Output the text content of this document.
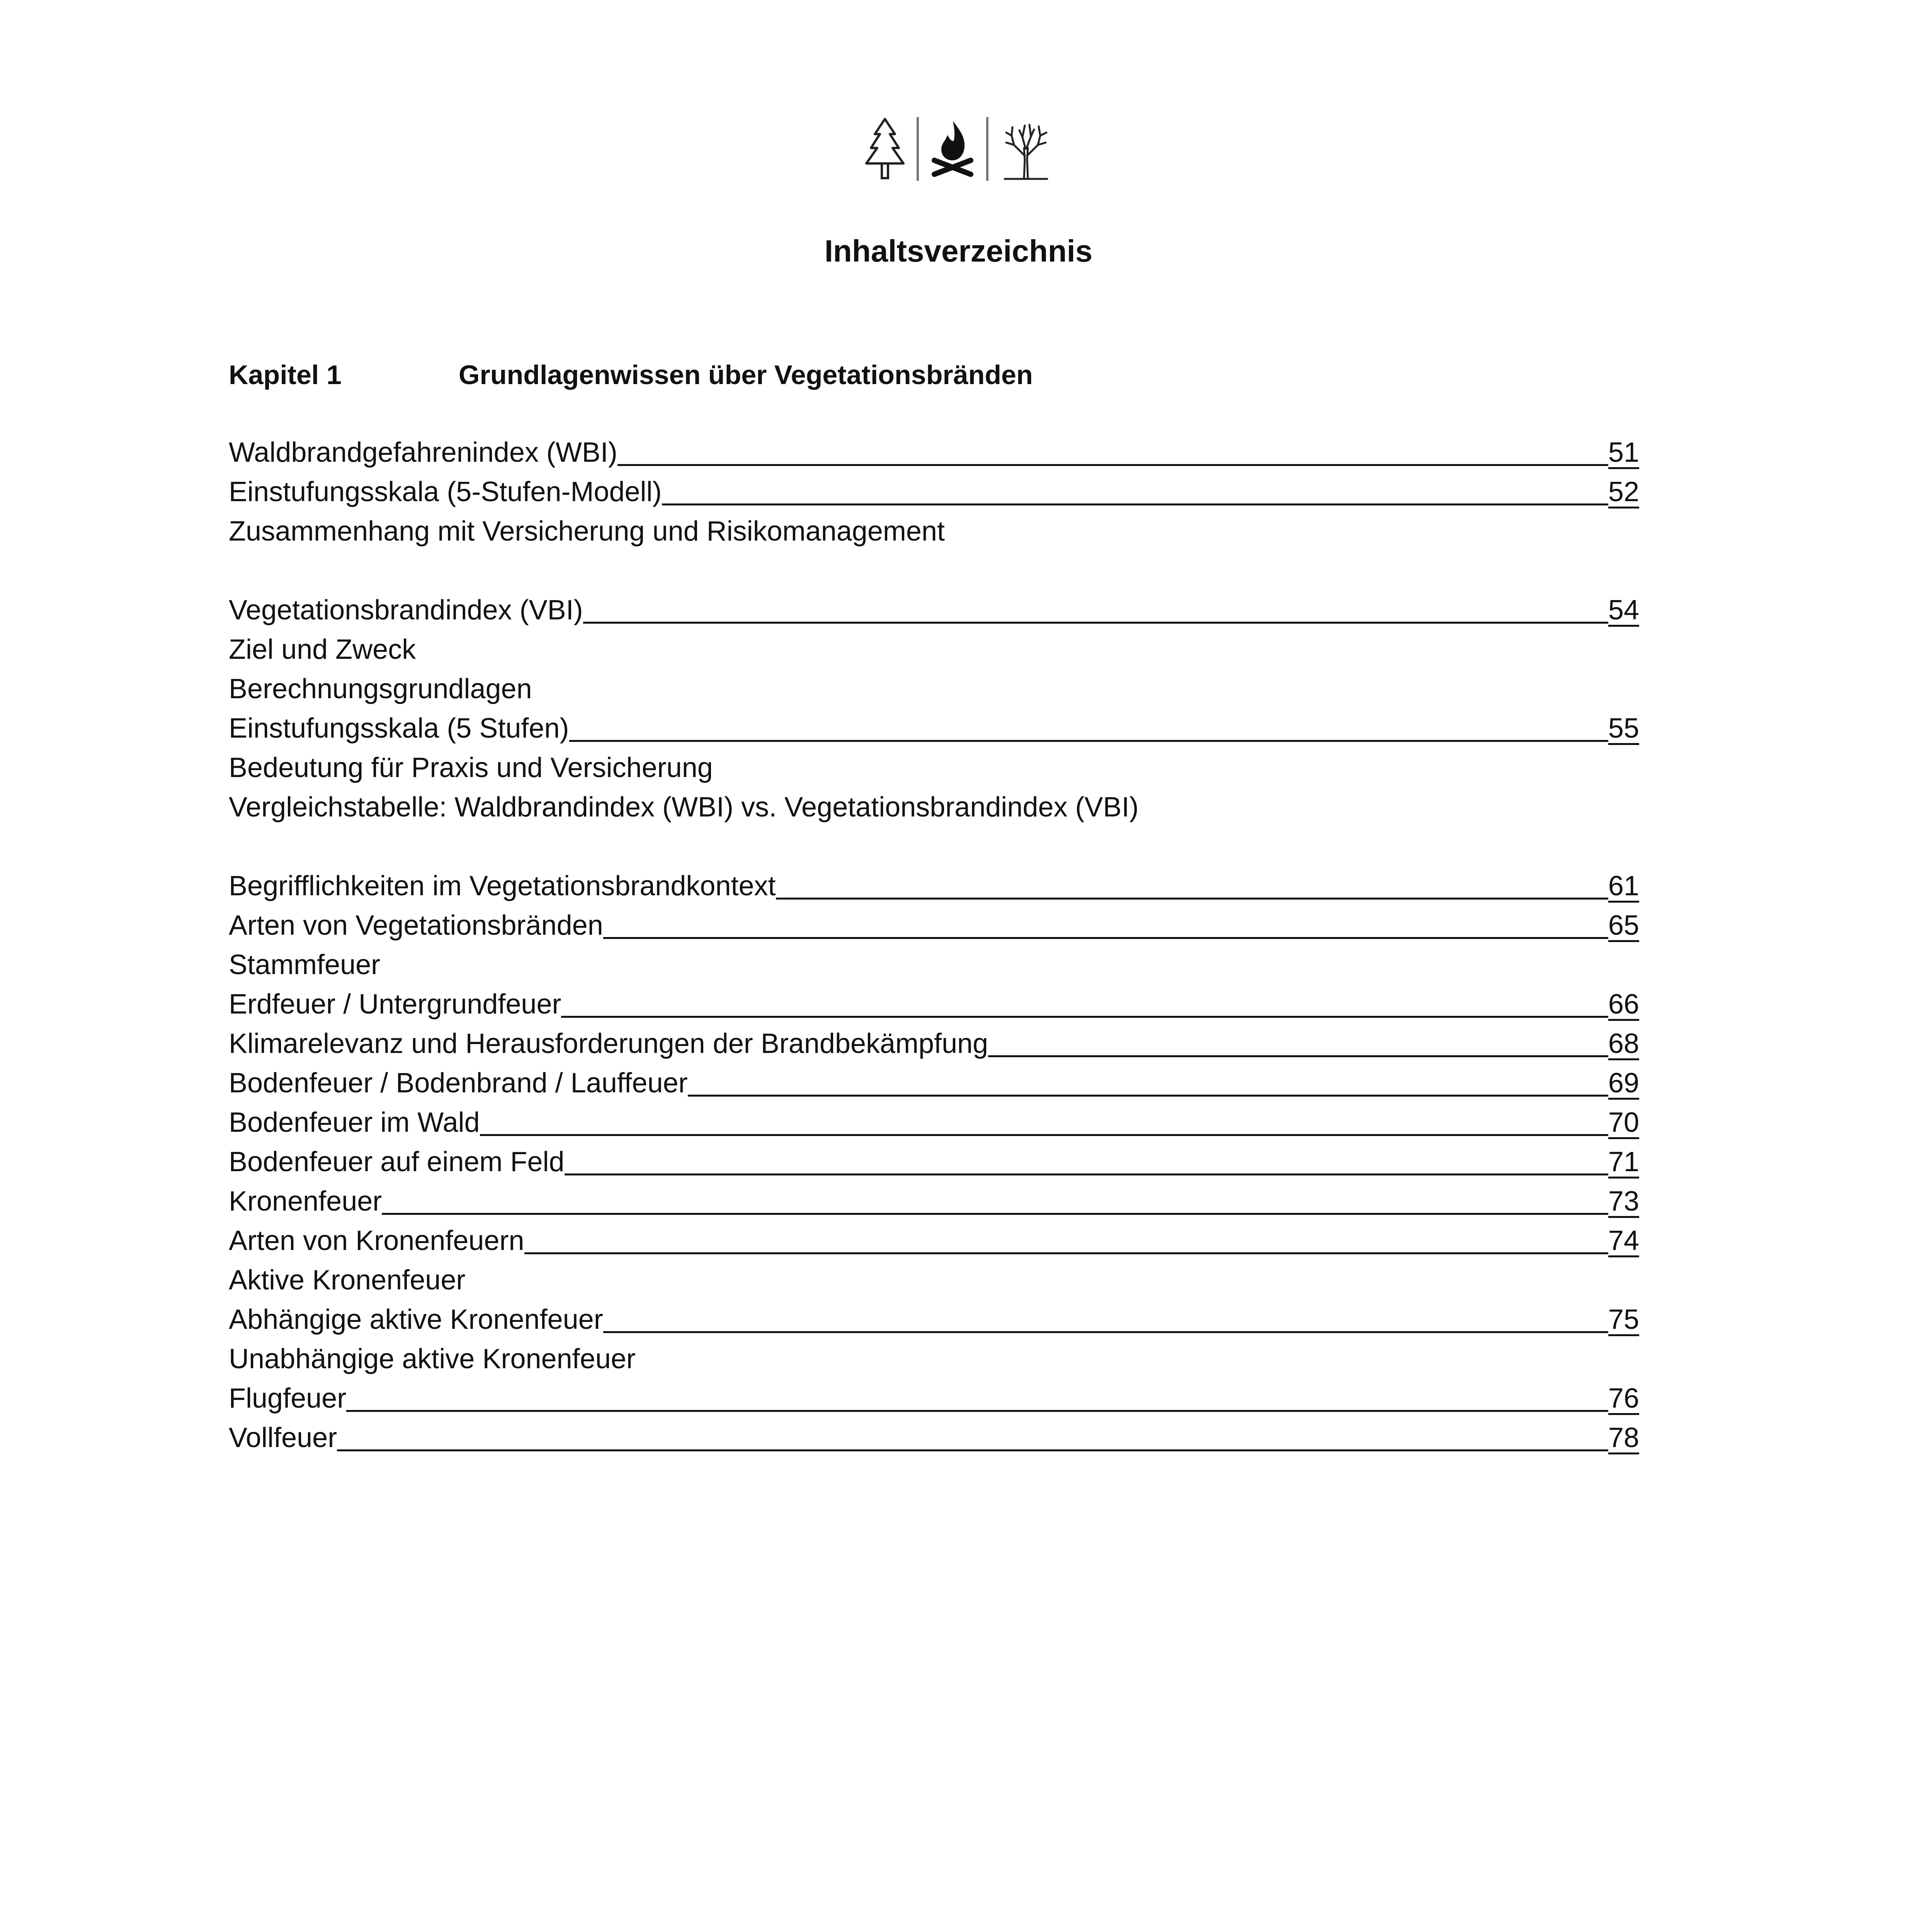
Inhaltsverzeichnis
Kapitel 1	Grundlagenwissen über Vegetationsbränden
Waldbrandgefahrenindex (WBI)	51
Einstufungsskala (5-Stufen-Modell)	52
Zusammenhang mit Versicherung und Risikomanagement
Vegetationsbrandindex (VBI)	54
Ziel und Zweck
Berechnungsgrundlagen
Einstufungsskala (5 Stufen)	55
Bedeutung für Praxis und Versicherung
Vergleichstabelle: Waldbrandindex (WBI) vs. Vegetationsbrandindex (VBI)
Begrifflichkeiten im Vegetationsbrandkontext	61
Arten von Vegetationsbränden	65
Stammfeuer
Erdfeuer / Untergrundfeuer	66
Klimarelevanz und Herausforderungen der Brandbekämpfung	68
Bodenfeuer / Bodenbrand / Lauffeuer	69
Bodenfeuer im Wald	70
Bodenfeuer auf einem Feld	71
Kronenfeuer	73
Arten von Kronenfeuern	74
Aktive Kronenfeuer
Abhängige aktive Kronenfeuer	75
Unabhängige aktive Kronenfeuer
Flugfeuer	76
Vollfeuer	78
